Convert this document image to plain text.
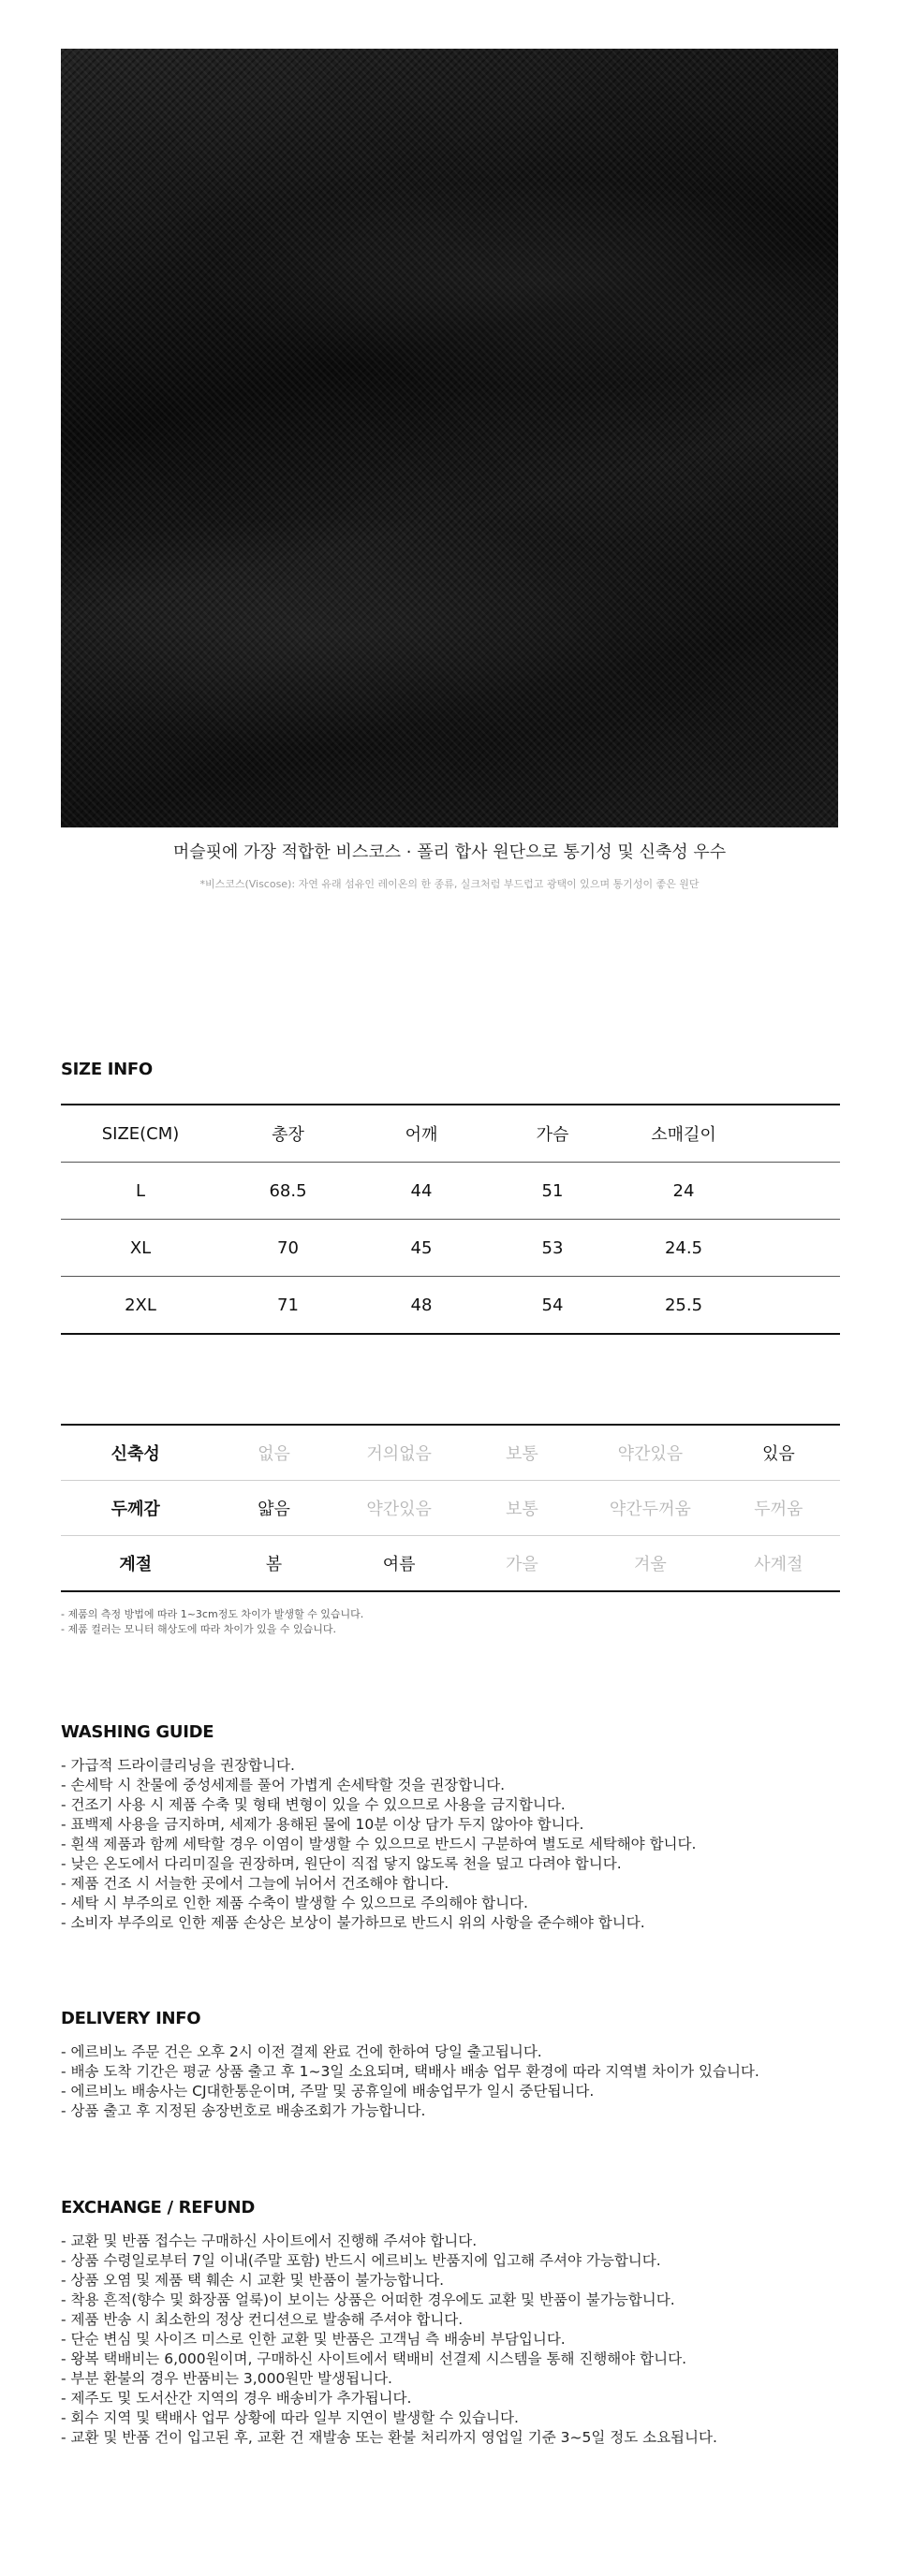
머슬핏에 가장 적합한 비스코스 · 폴리 합사 원단으로 통기성 및 신축성 우수
*비스코스(Viscose): 자연 유래 섬유인 레이온의 한 종류, 실크처럼 부드럽고 광택이 있으며 통기성이 좋은 원단
SIZE INFO
SIZE(CM)	총장	어깨	가슴	소매길이
L	68.5	44	51	24
XL	70	45	53	24.5
2XL	71	48	54	25.5
신축성	없음	거의없음	보통	약간있음	있음
두께감	얇음	약간있음	보통	약간두꺼움	두꺼움
계절	봄	여름	가을	겨울	사계절
- 제품의 측정 방법에 따라 1~3cm정도 차이가 발생할 수 있습니다.
- 제품 컬러는 모니터 해상도에 따라 차이가 있을 수 있습니다.
WASHING GUIDE
- 가급적 드라이클리닝을 권장합니다.
- 손세탁 시 찬물에 중성세제를 풀어 가볍게 손세탁할 것을 권장합니다.
- 건조기 사용 시 제품 수축 및 형태 변형이 있을 수 있으므로 사용을 금지합니다.
- 표백제 사용을 금지하며, 세제가 용해된 물에 10분 이상 담가 두지 않아야 합니다.
- 흰색 제품과 함께 세탁할 경우 이염이 발생할 수 있으므로 반드시 구분하여 별도로 세탁해야 합니다.
- 낮은 온도에서 다리미질을 권장하며, 원단이 직접 닿지 않도록 천을 덮고 다려야 합니다.
- 제품 건조 시 서늘한 곳에서 그늘에 뉘어서 건조해야 합니다.
- 세탁 시 부주의로 인한 제품 수축이 발생할 수 있으므로 주의해야 합니다.
- 소비자 부주의로 인한 제품 손상은 보상이 불가하므로 반드시 위의 사항을 준수해야 합니다.
DELIVERY INFO
- 에르비노 주문 건은 오후 2시 이전 결제 완료 건에 한하여 당일 출고됩니다.
- 배송 도착 기간은 평균 상품 출고 후 1~3일 소요되며, 택배사 배송 업무 환경에 따라 지역별 차이가 있습니다.
- 에르비노 배송사는 CJ대한통운이며, 주말 및 공휴일에 배송업무가 일시 중단됩니다.
- 상품 출고 후 지정된 송장번호로 배송조회가 가능합니다.
EXCHANGE / REFUND
- 교환 및 반품 접수는 구매하신 사이트에서 진행해 주셔야 합니다.
- 상품 수령일로부터 7일 이내(주말 포함) 반드시 에르비노 반품지에 입고해 주셔야 가능합니다.
- 상품 오염 및 제품 택 훼손 시 교환 및 반품이 불가능합니다.
- 착용 흔적(향수 및 화장품 얼룩)이 보이는 상품은 어떠한 경우에도 교환 및 반품이 불가능합니다.
- 제품 반송 시 최소한의 정상 컨디션으로 발송해 주셔야 합니다.
- 단순 변심 및 사이즈 미스로 인한 교환 및 반품은 고객님 측 배송비 부담입니다.
- 왕복 택배비는 6,000원이며, 구매하신 사이트에서 택배비 선결제 시스템을 통해 진행해야 합니다.
- 부분 환불의 경우 반품비는 3,000원만 발생됩니다.
- 제주도 및 도서산간 지역의 경우 배송비가 추가됩니다.
- 회수 지역 및 택배사 업무 상황에 따라 일부 지연이 발생할 수 있습니다.
- 교환 및 반품 건이 입고된 후, 교환 건 재발송 또는 환불 처리까지 영업일 기준 3~5일 정도 소요됩니다.
